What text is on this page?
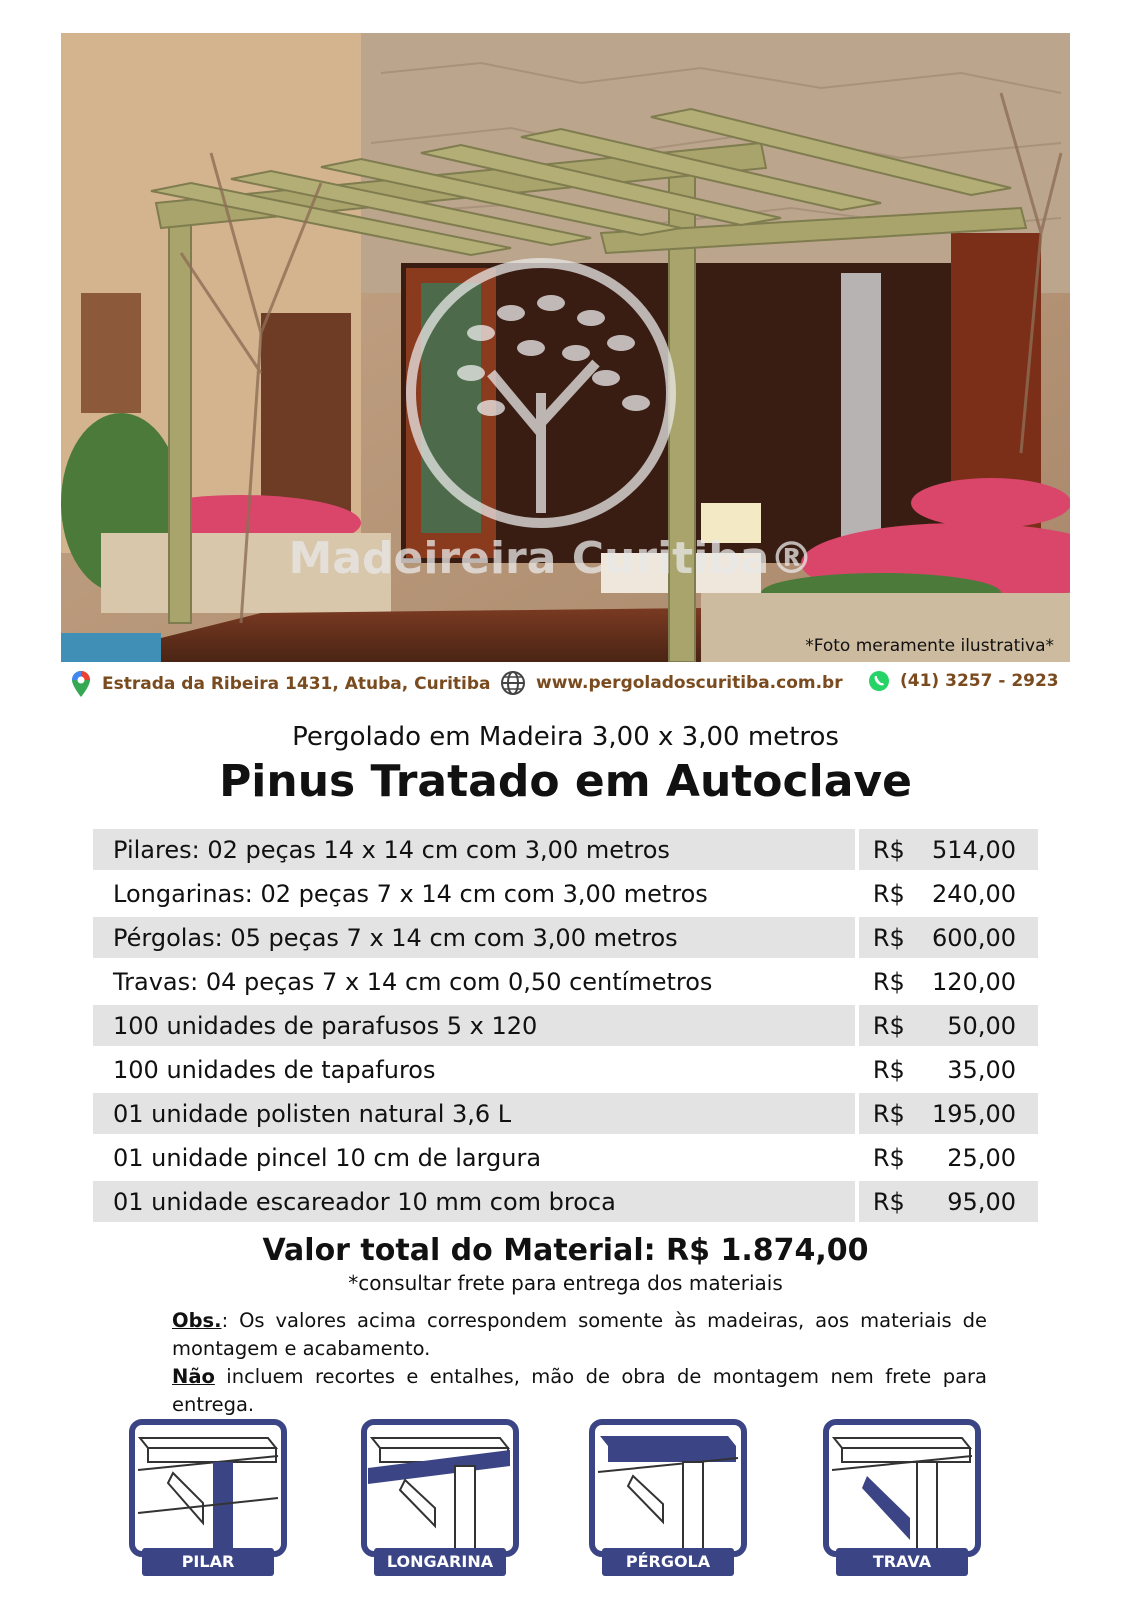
Madeireira Curitiba®
*Foto meramente ilustrativa*
Estrada da Ribeira 1431, Atuba, Curitiba	www.pergoladoscuritiba.com.br	(41) 3257 - 2923
Pergolado em Madeira 3,00 x 3,00 metros
Pinus Tratado em Autoclave
Pilares: 02 peças 14 x 14 cm com 3,00 metros	R$	514,00
Longarinas: 02 peças 7 x 14 cm com 3,00 metros	R$	240,00
Pérgolas: 05 peças 7 x 14 cm com 3,00 metros	R$	600,00
Travas: 04 peças 7 x 14 cm com 0,50 centímetros	R$	120,00
100 unidades de parafusos 5 x 120	R$	50,00
100 unidades de tapafuros	R$	35,00
01 unidade polisten natural 3,6 L	R$	195,00
01 unidade pincel 10 cm de largura	R$	25,00
01 unidade escareador 10 mm com broca	R$	95,00
Valor total do Material: R$ 1.874,00
*consultar frete para entrega dos materiais

Obs.: Os valores acima correspondem somente às madeiras, aos materiais de montagem e acabamento.

Não incluem recortes e entalhes, mão de obra de montagem nem frete para entrega.

PILAR	LONGARINA	PÉRGOLA	TRAVA
